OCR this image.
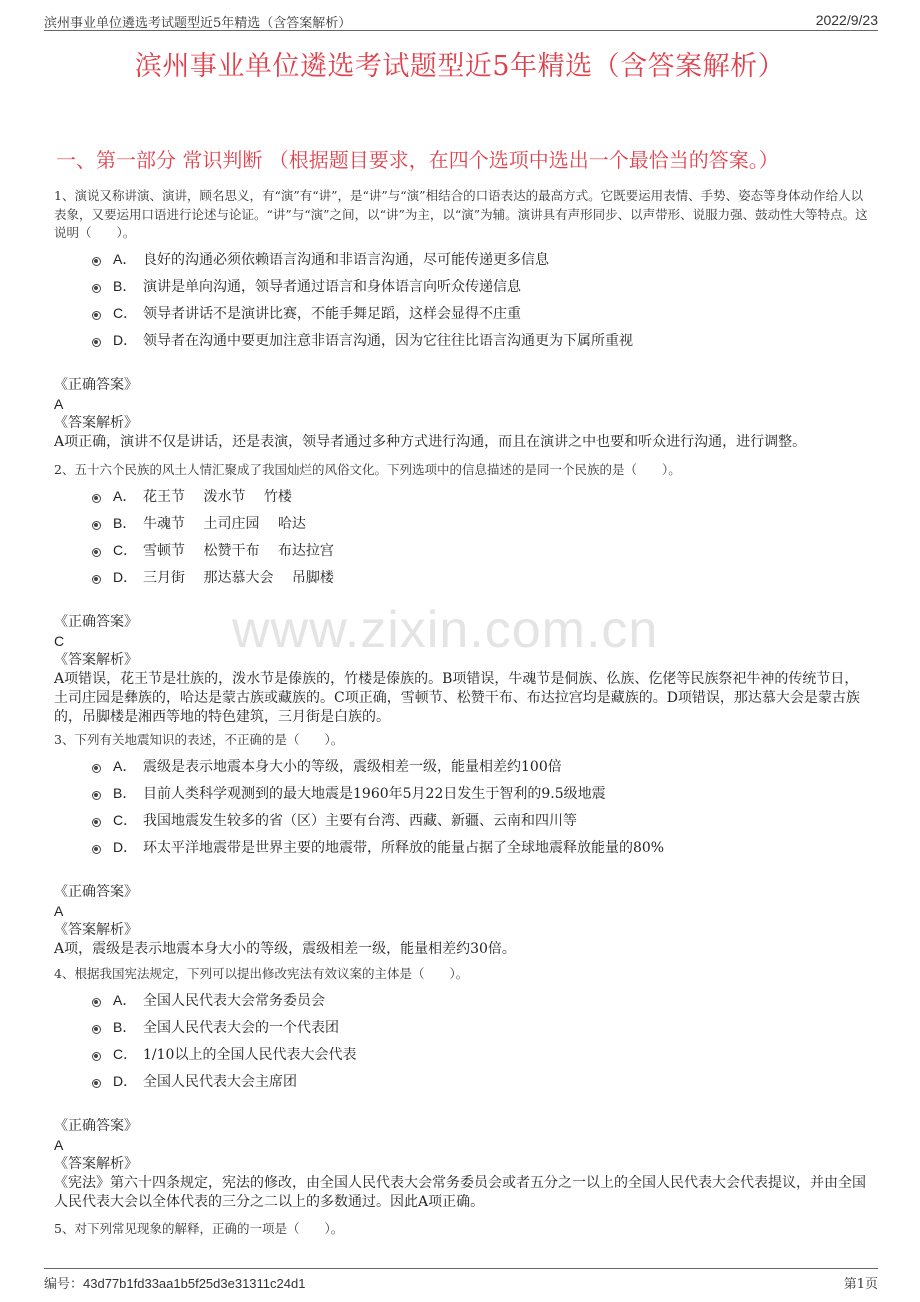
滨州事业单位遴选考试题型近5年精选（含答案解析）	2022/9/23
滨州事业单位遴选考试题型近5年精选（含答案解析）
一、第一部分 常识判断 （根据题目要求，在四个选项中选出一个最恰当的答案。）
www.zixin.com.cn

1、演说又称讲演、演讲，顾名思义，有“演”有“讲”，是“讲”与“演”相结合的口语表达的最高方式。它既要运用表情、手势、姿态等身体动作给人以表象，又要运用口语进行论述与论证。“讲”与“演”之间，以“讲”为主，以“演”为辅。演讲具有声形同步、以声带形、说服力强、鼓动性大等特点。这说明（　　）。

A． 良好的沟通必须依赖语言沟通和非语言沟通，尽可能传递更多信息
B． 演讲是单向沟通，领导者通过语言和身体语言向听众传递信息
C． 领导者讲话不是演讲比赛，不能手舞足蹈，这样会显得不庄重
D． 领导者在沟通中要更加注意非语言沟通，因为它往往比语言沟通更为下属所重视
《正确答案》
A
《答案解析》
A项正确，演讲不仅是讲话，还是表演，领导者通过多种方式进行沟通，而且在演讲之中也要和听众进行沟通，进行调整。

2、五十六个民族的风土人情汇聚成了我国灿烂的风俗文化。下列选项中的信息描述的是同一个民族的是（　　）。

A． 花王节　 泼水节　 竹楼
B． 牛魂节　 土司庄园　 哈达
C． 雪顿节　 松赞干布　 布达拉宫
D． 三月街　 那达慕大会　 吊脚楼
《正确答案》
C
《答案解析》
A项错误，花王节是壮族的，泼水节是傣族的，竹楼是傣族的。B项错误，牛魂节是侗族、仫族、仡佬等民族祭祀牛神的传统节日，土司庄园是彝族的，哈达是蒙古族或藏族的。C项正确，雪顿节、松赞干布、布达拉宫均是藏族的。D项错误，那达慕大会是蒙古族的，吊脚楼是湘西等地的特色建筑，三月街是白族的。

3、下列有关地震知识的表述，不正确的是（　　）。

A． 震级是表示地震本身大小的等级，震级相差一级，能量相差约100倍
B． 目前人类科学观测到的最大地震是1960年5月22日发生于智利的9.5级地震
C． 我国地震发生较多的省（区）主要有台湾、西藏、新疆、云南和四川等
D． 环太平洋地震带是世界主要的地震带，所释放的能量占据了全球地震释放能量的80%
《正确答案》
A
《答案解析》
A项，震级是表示地震本身大小的等级，震级相差一级，能量相差约30倍。

4、根据我国宪法规定，下列可以提出修改宪法有效议案的主体是（　　）。

A． 全国人民代表大会常务委员会
B． 全国人民代表大会的一个代表团
C． 1/10以上的全国人民代表大会代表
D． 全国人民代表大会主席团
《正确答案》
A
《答案解析》
《宪法》第六十四条规定，宪法的修改，由全国人民代表大会常务委员会或者五分之一以上的全国人民代表大会代表提议，并由全国人民代表大会以全体代表的三分之二以上的多数通过。因此A项正确。

5、对下列常见现象的解释，正确的一项是（　　）。

编号：43d77b1fd33aa1b5f25d3e31311c24d1	第1页
